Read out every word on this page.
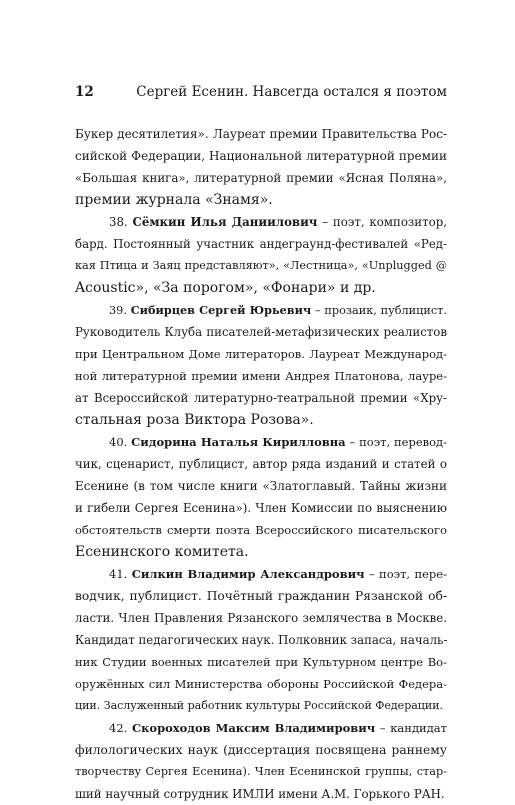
12	Сергей Есенин. Навсегда остался я поэтом
Букер десятилетия». Лауреат премии Правительства Рос-
сийской Федерации, Национальной литературной премии
«Большая книга», литературной премии «Ясная Поляна»,
премии журнала «Знамя».
38. Сёмкин Илья Даниилович – поэт, композитор,
бард. Постоянный участник андеграунд-фестивалей «Ред-
кая Птица и Заяц представляют», «Лестница», «Unplugged @
Acoustic», «За порогом», «Фонари» и др.
39. Сибирцев Сергей Юрьевич – прозаик, публицист.
Руководитель Клуба писателей-метафизических реалистов
при Центральном Доме литераторов. Лауреат Международ-
ной литературной премии имени Андрея Платонова, лауре-
ат Всероссийской литературно-театральной премии «Хру-
стальная роза Виктора Розова».
40. Сидорина Наталья Кирилловна – поэт, перевод-
чик, сценарист, публицист, автор ряда изданий и статей о
Есенине (в том числе книги «Златоглавый. Тайны жизни
и гибели Сергея Есенина»). Член Комиссии по выяснению
обстоятельств смерти поэта Всероссийского писательского
Есенинского комитета.
41. Силкин Владимир Александрович – поэт, пере-
водчик, публицист. Почётный гражданин Рязанской об-
ласти. Член Правления Рязанского землячества в Москве.
Кандидат педагогических наук. Полковник запаса, началь-
ник Студии военных писателей при Культурном центре Во-
оружённых сил Министерства обороны Российской Федера-
ции. Заслуженный работник культуры Российской Федерации.
42. Скороходов Максим Владимирович – кандидат
филологических наук (диссертация посвящена раннему
творчеству Сергея Есенина). Член Есенинской группы, стар-
ший научный сотрудник ИМЛИ имени А.М. Горького РАН.
